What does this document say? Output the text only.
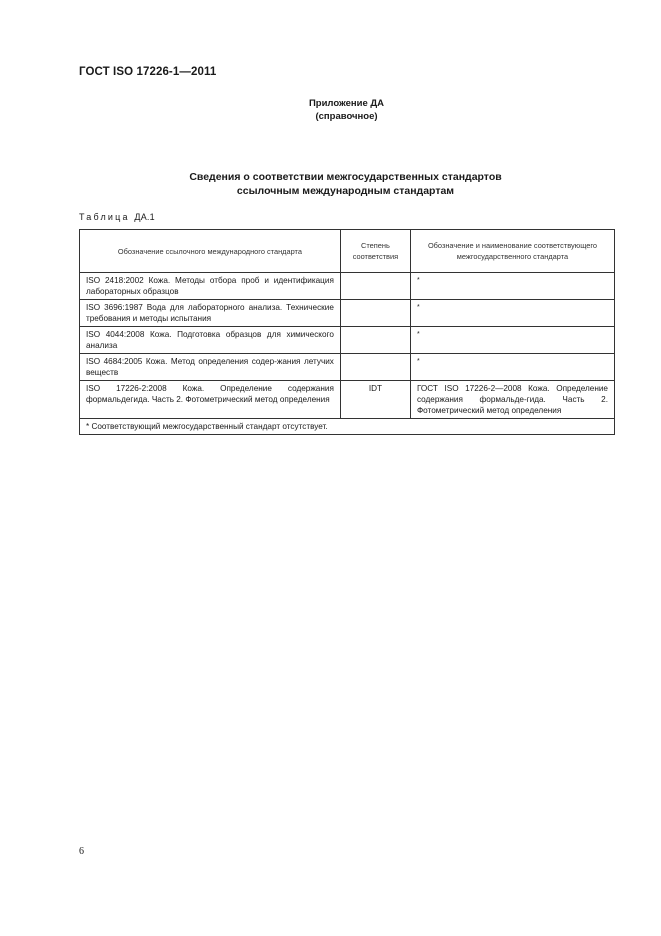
ГОСТ ISO 17226-1—2011
Приложение ДА
(справочное)
Сведения о соответствии межгосударственных стандартов
ссылочным международным стандартам
Таблица ДА.1
Обозначение ссылочного международного стандарта	Степень соответствия	Обозначение и наименование соответствующего межгосударственного стандарта
ISO 2418:2002 Кожа. Методы отбора проб и идентификация лабораторных образцов		*
ISO 3696:1987 Вода для лабораторного анализа. Технические требования и методы испытания		*
ISO 4044:2008 Кожа. Подготовка образцов для химического анализа		*
ISO 4684:2005 Кожа. Метод определения содер-жания летучих веществ		*
ISO 17226-2:2008 Кожа. Определение содержания формальдегида. Часть 2. Фотометрический метод определения	IDT	ГОСТ ISO 17226-2—2008 Кожа. Определение содержания формальде-гида. Часть 2. Фотометрический метод определения
* Соответствующий межгосударственный стандарт отсутствует.		
6
